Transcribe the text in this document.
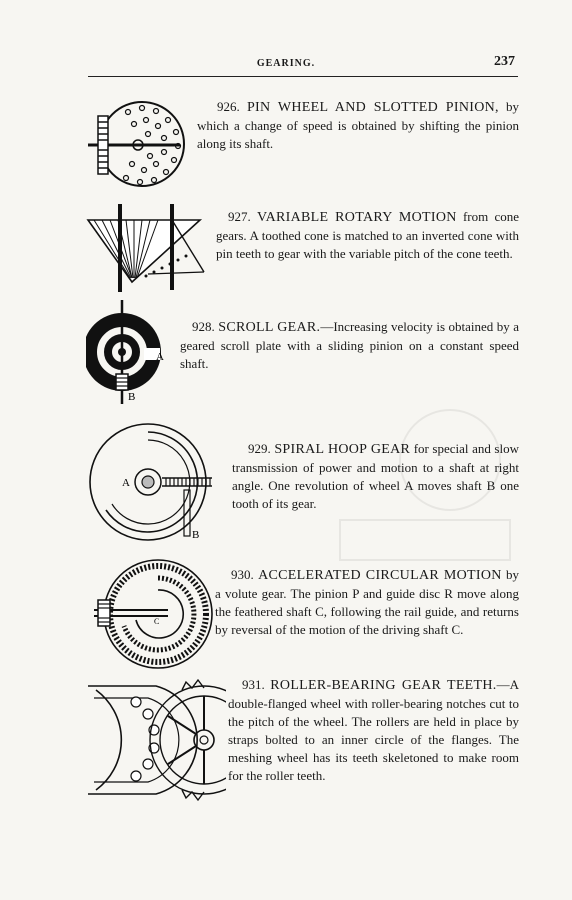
GEARING.	237
926. PIN WHEEL AND SLOTTED PINION, by which a change of speed is obtained by shifting the pinion along its shaft.
927. VARIABLE ROTARY MOTION from cone gears. A toothed cone is matched to an inverted cone with pin teeth to gear with the variable pitch of the cone teeth.
A
B
928. SCROLL GEAR.—Increasing velocity is obtained by a geared scroll plate with a sliding pinion on a constant speed shaft.
A
B
929. SPIRAL HOOP GEAR for special and slow transmission of power and motion to a shaft at right angle. One revolution of wheel A moves shaft B one tooth of its gear.
C
930. ACCELERATED CIRCULAR MOTION by a volute gear. The pinion P and guide disc R move along the feathered shaft C, following the rail guide, and returns by reversal of the motion of the driving shaft C.
931. ROLLER-BEARING GEAR TEETH.—A double-flanged wheel with roller-bearing notches cut to the pitch of the wheel. The rollers are held in place by straps bolted to an inner circle of the flanges. The meshing wheel has its teeth skeletoned to make room for the roller teeth.
